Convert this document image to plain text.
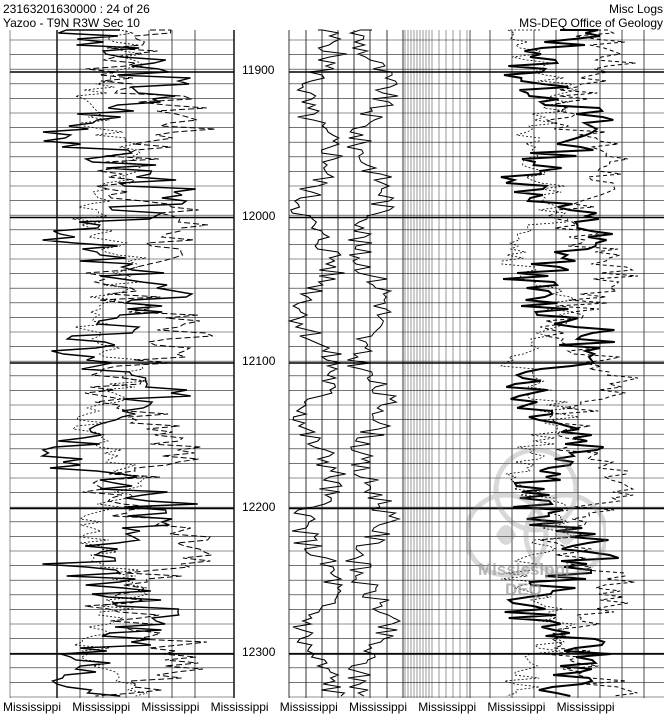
23163201630000 : 24 of 26
Yazoo - T9N R3W Sec 10
Misc Logs
MS-DEQ Office of Geology
11900
12000
12100
12200
12300
Mississippi
DEQ
Mississippi Mississippi Mississippi Mississippi Mississippi Mississippi Mississippi Mississippi Mississippi
